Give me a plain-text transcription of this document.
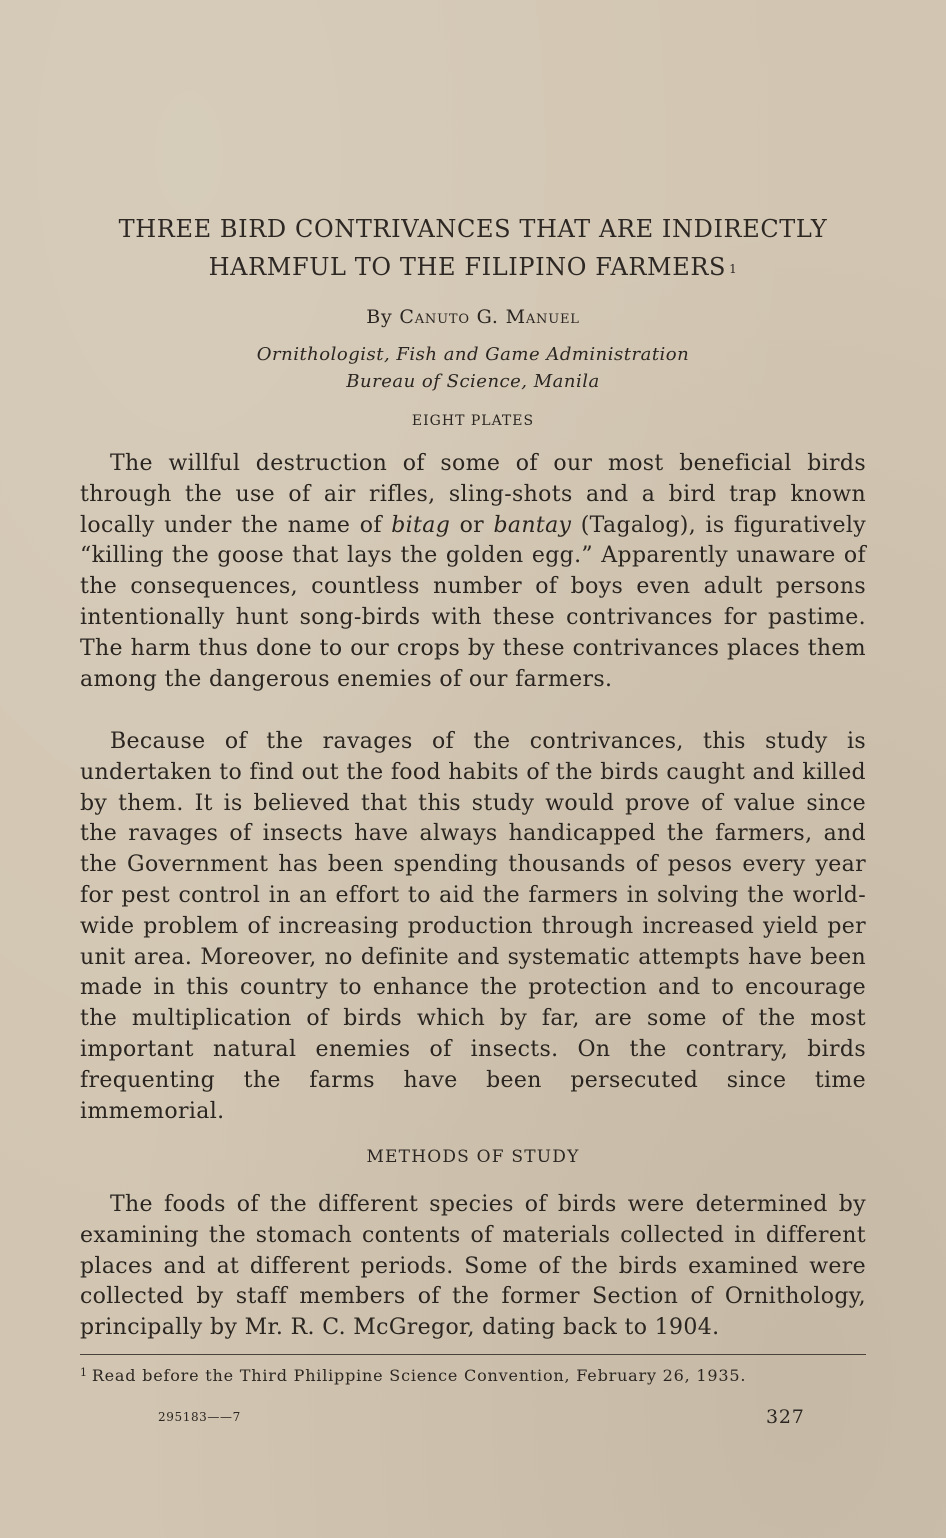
THREE BIRD CONTRIVANCES THAT ARE INDIRECTLY
HARMFUL TO THE FILIPINO FARMERS $^1$
By Canuto G. Manuel
Ornithologist, Fish and Game Administration
Bureau of Science, Manila
EIGHT PLATES

The willful destruction of some of our most beneficial birds through the use of air rifles, sling-shots and a bird trap known locally under the name of bitag or bantay (Tagalog), is figuratively “killing the goose that lays the golden egg.” Apparently unaware of the consequences, countless number of boys even adult persons intentionally hunt song-birds with these contrivances for pastime. The harm thus done to our crops by these contrivances places them among the dangerous enemies of our farmers.

Because of the ravages of the contrivances, this study is undertaken to find out the food habits of the birds caught and killed by them. It is believed that this study would prove of value since the ravages of insects have always handicapped the farmers, and the Government has been spending thousands of pesos every year for pest control in an effort to aid the farmers in solving the world-wide problem of increasing production through increased yield per unit area. Moreover, no definite and systematic attempts have been made in this country to enhance the protection and to encourage the multiplication of birds which by far, are some of the most important natural enemies of insects. On the contrary, birds frequenting the farms have been persecuted since time immemorial.

METHODS OF STUDY

The foods of the different species of birds were determined by examining the stomach contents of materials collected in different places and at different periods. Some of the birds examined were collected by staff members of the former Section of Ornithology, principally by Mr. R. C. McGregor, dating back to 1904.

$^1$ Read before the Third Philippine Science Convention, February 26, 1935.
295183——7	327
